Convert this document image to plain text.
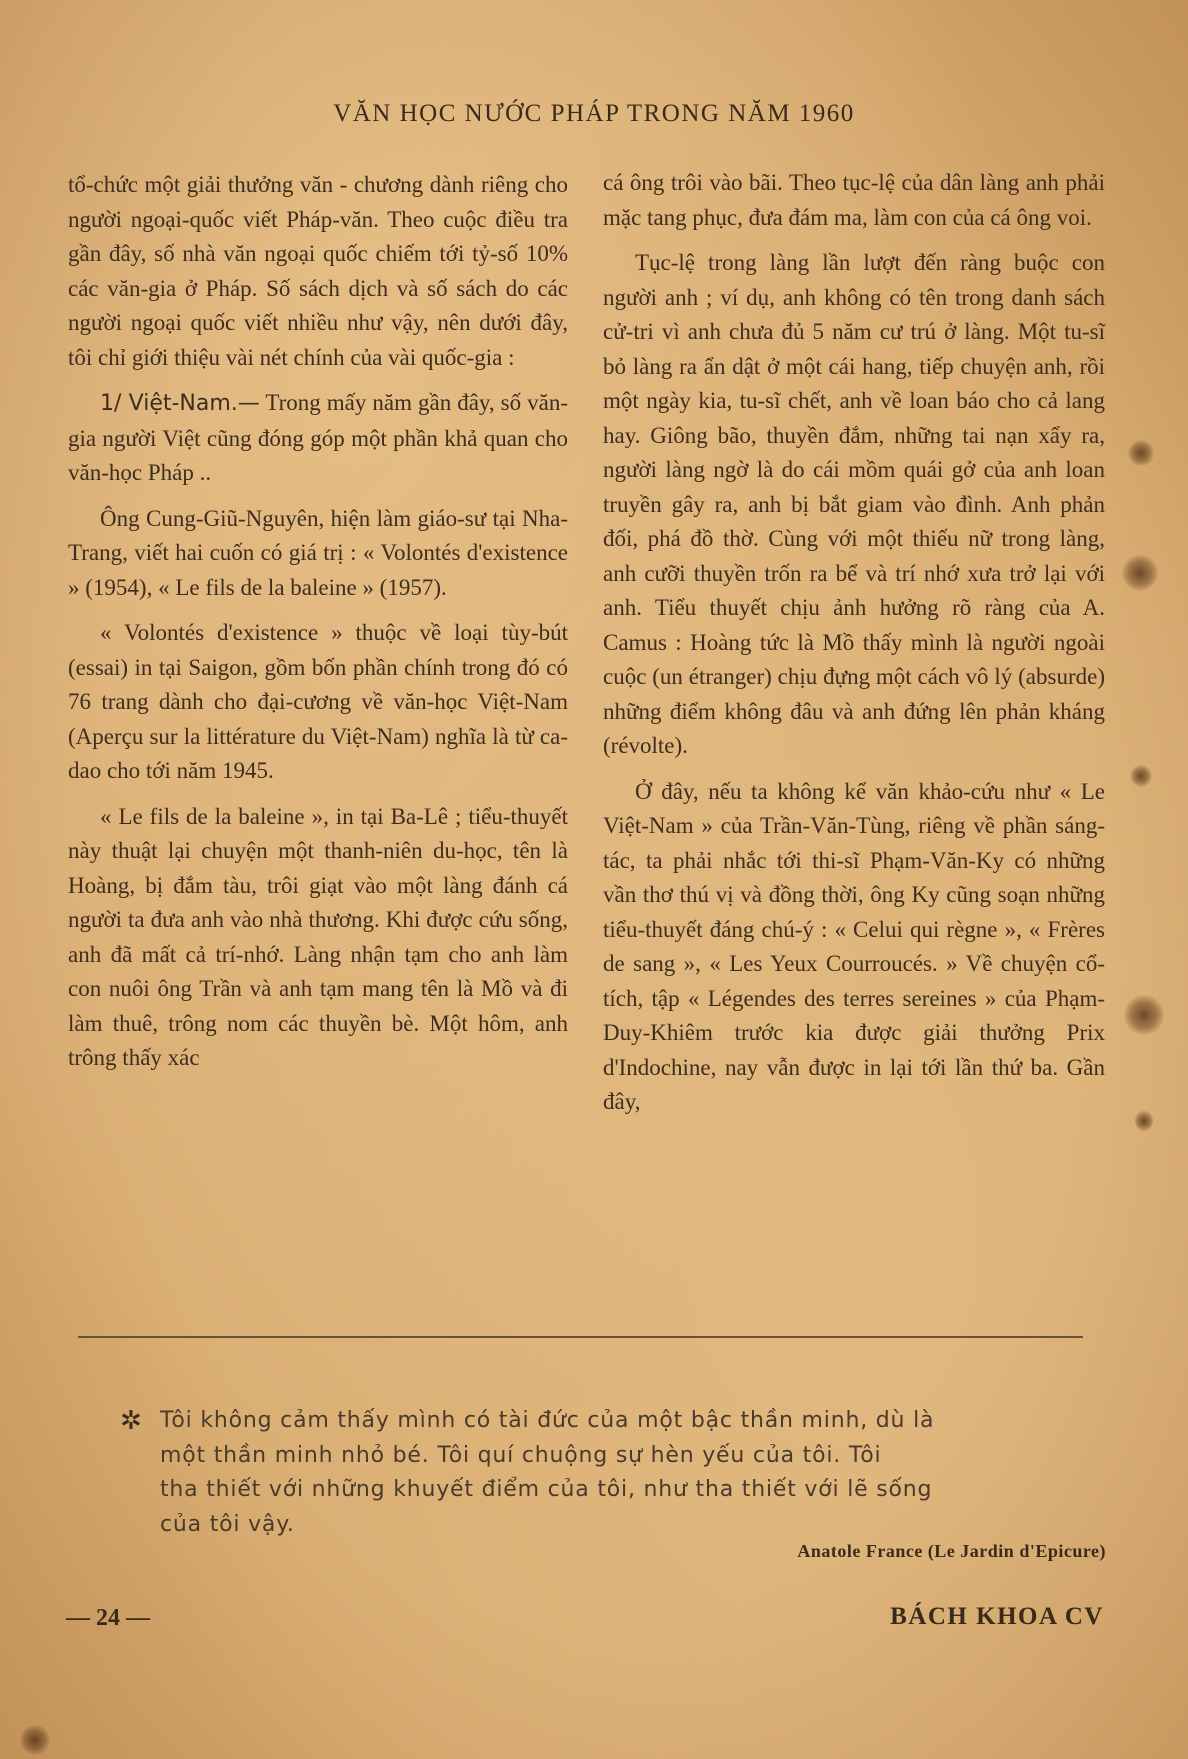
VĂN HỌC NƯỚC PHÁP TRONG NĂM 1960

tổ-chức một giải thưởng văn - chương dành riêng cho người ngoại-quốc viết Pháp-văn. Theo cuộc điều tra gần đây, số nhà văn ngoại quốc chiếm tới tỷ-số 10% các văn-gia ở Pháp. Số sách dịch và số sách do các người ngoại quốc viết nhiều như vậy, nên dưới đây, tôi chỉ giới thiệu vài nét chính của vài quốc-gia :

1/ Việt-Nam.— Trong mấy năm gần đây, số văn-gia người Việt cũng đóng góp một phần khả quan cho văn-học Pháp ..

Ông Cung-Giũ-Nguyên, hiện làm giáo-sư tại Nha-Trang, viết hai cuốn có giá trị : « Volontés d'existence » (1954), « Le fils de la baleine » (1957).

« Volontés d'existence » thuộc về loại tùy-bút (essai) in tại Saigon, gồm bốn phần chính trong đó có 76 trang dành cho đại-cương về văn-học Việt-Nam (Aperçu sur la littérature du Việt-Nam) nghĩa là từ ca-dao cho tới năm 1945.

« Le fils de la baleine », in tại Ba-Lê ; tiểu-thuyết này thuật lại chuyện một thanh-niên du-học, tên là Hoàng, bị đắm tàu, trôi giạt vào một làng đánh cá người ta đưa anh vào nhà thương. Khi được cứu sống, anh đã mất cả trí-nhớ. Làng nhận tạm cho anh làm con nuôi ông Trần và anh tạm mang tên là Mồ và đi làm thuê, trông nom các thuyền bè. Một hôm, anh trông thấy xác

cá ông trôi vào bãi. Theo tục-lệ của dân làng anh phải mặc tang phục, đưa đám ma, làm con của cá ông voi.

Tục-lệ trong làng lần lượt đến ràng buộc con người anh ; ví dụ, anh không có tên trong danh sách cử-tri vì anh chưa đủ 5 năm cư trú ở làng. Một tu-sĩ bỏ làng ra ẩn dật ở một cái hang, tiếp chuyện anh, rồi một ngày kia, tu-sĩ chết, anh về loan báo cho cả lang hay. Giông bão, thuyền đắm, những tai nạn xẩy ra, người làng ngờ là do cái mồm quái gở của anh loan truyền gây ra, anh bị bắt giam vào đình. Anh phản đối, phá đồ thờ. Cùng với một thiếu nữ trong làng, anh cưỡi thuyền trốn ra bể và trí nhớ xưa trở lại với anh. Tiểu thuyết chịu ảnh hưởng rõ ràng của A. Camus : Hoàng tức là Mồ thấy mình là người ngoài cuộc (un étranger) chịu đựng một cách vô lý (absurde) những điểm không đâu và anh đứng lên phản kháng (révolte).

Ở đây, nếu ta không kể văn khảo-cứu như « Le Việt-Nam » của Trần-Văn-Tùng, riêng về phần sáng-tác, ta phải nhắc tới thi-sĩ Phạm-Văn-Ky có những vần thơ thú vị và đồng thời, ông Ky cũng soạn những tiểu-thuyết đáng chú-ý : « Celui qui règne », « Frères de sang », « Les Yeux Courroucés. » Về chuyện cổ-tích, tập « Légendes des terres sereines » của Phạm-Duy-Khiêm trước kia được giải thưởng Prix d'Indochine, nay vẫn được in lại tới lần thứ ba. Gần đây,

✲ Tôi không cảm thấy mình có tài đức của một bậc thần minh, dù là
một thần minh nhỏ bé. Tôi quí chuộng sự hèn yếu của tôi. Tôi
tha thiết với những khuyết điểm của tôi, như tha thiết với lẽ sống
của tôi vậy.
Anatole France (Le Jardin d'Epicure)
— 24 —	BÁCH KHOA CV
